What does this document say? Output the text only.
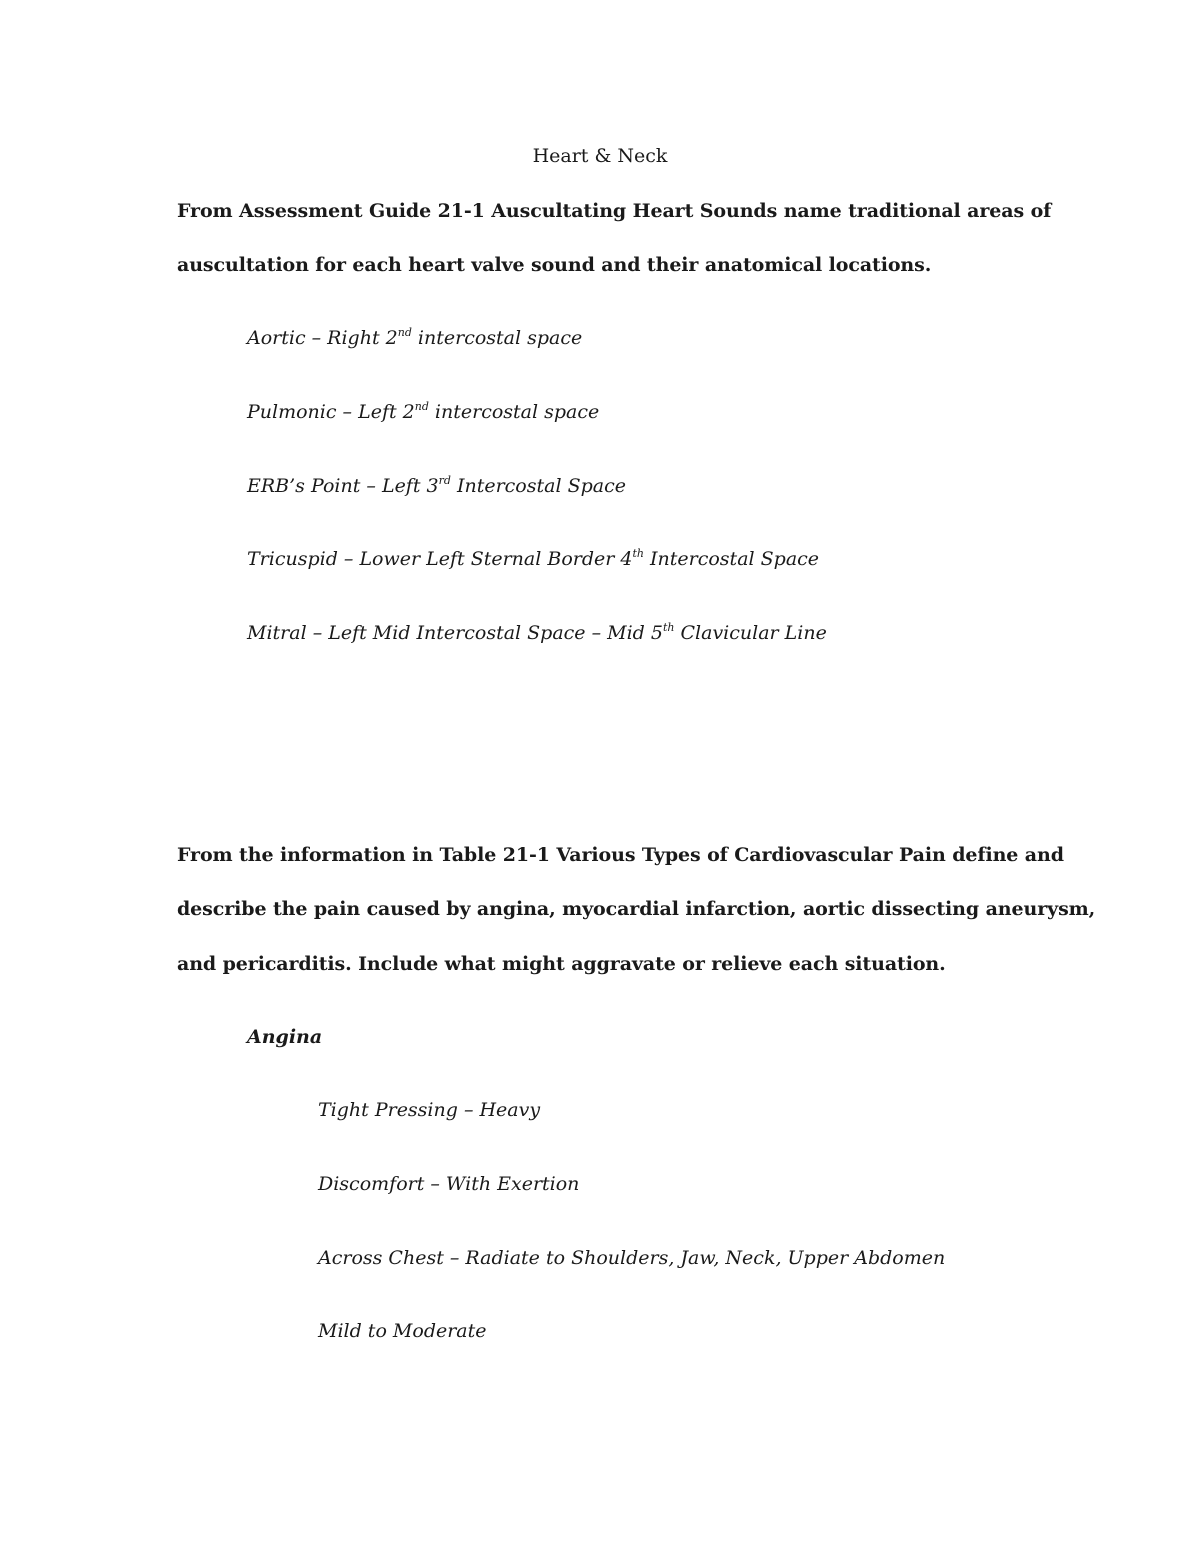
Heart & Neck
From Assessment Guide 21-1 Auscultating Heart Sounds name traditional areas of
auscultation for each heart valve sound and their anatomical locations.
Aortic – Right 2nd intercostal space
Pulmonic – Left 2nd intercostal space
ERB’s Point – Left 3rd Intercostal Space
Tricuspid – Lower Left Sternal Border 4th Intercostal Space
Mitral – Left Mid Intercostal Space – Mid 5th Clavicular Line
From the information in Table 21-1 Various Types of Cardiovascular Pain define and
describe the pain caused by angina, myocardial infarction, aortic dissecting aneurysm,
and pericarditis. Include what might aggravate or relieve each situation.
Angina
Tight Pressing – Heavy
Discomfort – With Exertion
Across Chest – Radiate to Shoulders, Jaw, Neck, Upper Abdomen
Mild to Moderate
